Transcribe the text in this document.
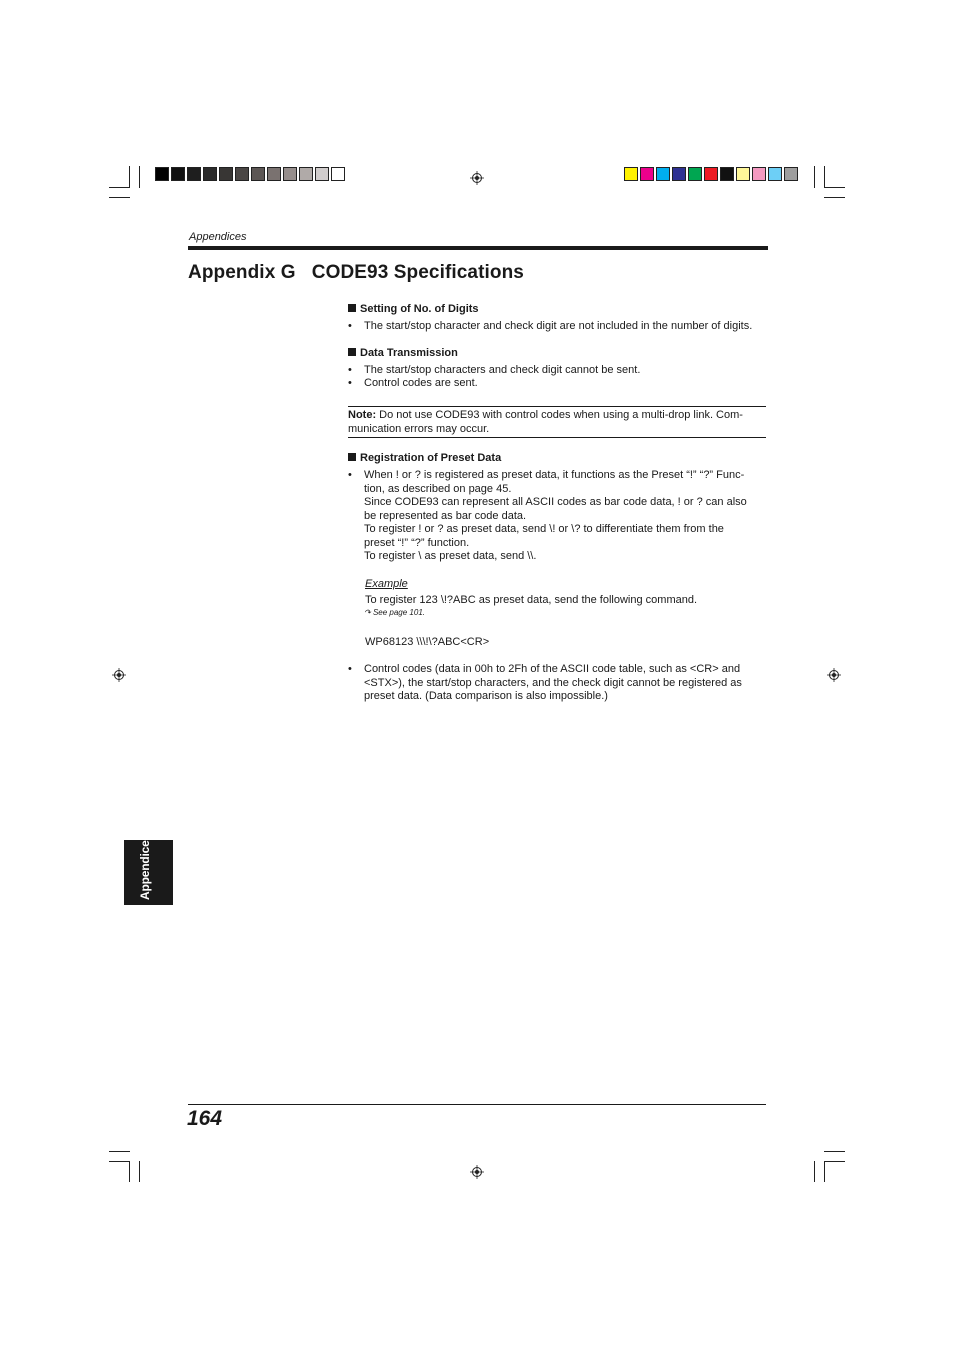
Appendices
Appendix G   CODE93 Specifications
Setting of No. of Digits
• The start/stop character and check digit are not included in the number of digits.
Data Transmission
• The start/stop characters and check digit cannot be sent.
• Control codes are sent.
Note: Do not use CODE93 with control codes when using a multi-drop link. Com-
munication errors may occur.
Registration of Preset Data
• When ! or ? is registered as preset data, it functions as the Preset “!” “?” Func-
tion, as described on page 45.
Since CODE93 can represent all ASCII codes as bar code data, ! or ? can also
be represented as bar code data.
To register ! or ? as preset data, send \! or \? to differentiate them from the
preset “!” “?” function.
To register \ as preset data, send \\.
Example
To register 123 \!?ABC as preset data, send the following command.
↷ See page 101.
WP68123 \\\!\?ABC<CR>
• Control codes (data in 00h to 2Fh of the ASCII code table, such as <CR> and
<STX>), the start/stop characters, and the check digit cannot be registered as
preset data. (Data comparison is also impossible.)
Appendices
164
